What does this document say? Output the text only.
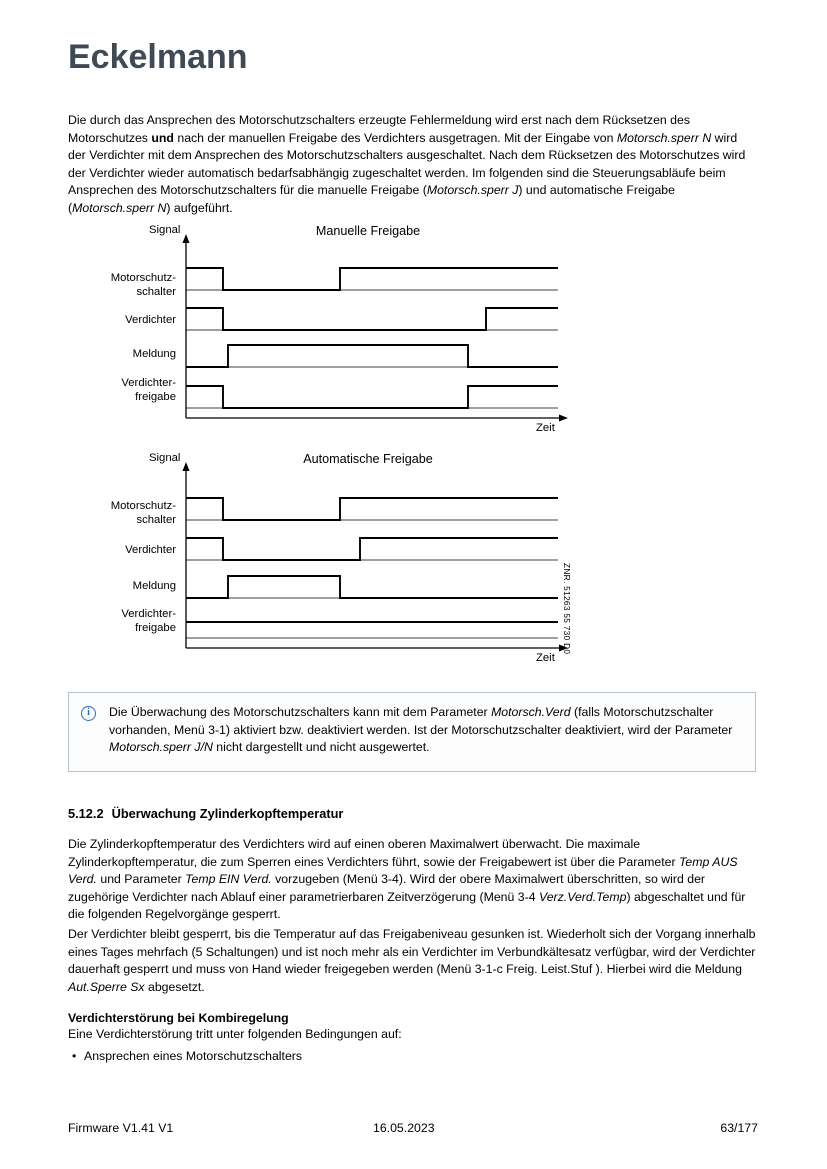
Eckelmann
Die durch das Ansprechen des Motorschutzschalters erzeugte Fehlermeldung wird erst nach dem Rücksetzen des Motorschutzes und nach der manuellen Freigabe des Verdichters ausgetragen. Mit der Eingabe von Motorsch.sperr N wird der Verdichter mit dem Ansprechen des Motorschutzschalters ausgeschaltet. Nach dem Rücksetzen des Motorschutzes wird der Verdichter wieder automatisch bedarfsabhängig zugeschaltet werden. Im folgenden sind die Steuerungsabläufe beim Ansprechen des Motorschutzschalters für die manuelle Freigabe (Motorsch.sperr J) und automatische Freigabe (Motorsch.sperr N) aufgeführt.
Signal	Manuelle Freigabe
Motorschutz-
schalter
Verdichter
Meldung
Verdichter-
freigabe
Zeit
Signal	Automatische Freigabe
Motorschutz-
schalter
Verdichter
Meldung
Verdichter-
freigabe
Zeit
ZNR. 51263 55 730 D0
i	Die Überwachung des Motorschutzschalters kann mit dem Parameter Motorsch.Verd (falls Motorschutzschalter vorhanden, Menü 3-1) aktiviert bzw. deaktiviert werden. Ist der Motorschutzschalter deaktiviert, wird der Parameter Motorsch.sperr J/N nicht dargestellt und nicht ausgewertet.
5.12.2 Überwachung Zylinderkopftemperatur
Die Zylinderkopftemperatur des Verdichters wird auf einen oberen Maximalwert überwacht. Die maximale Zylinderkopftemperatur, die zum Sperren eines Verdichters führt, sowie der Freigabewert ist über die Parameter Temp AUS Verd. und Parameter Temp EIN Verd. vorzugeben (Menü 3-4). Wird der obere Maximalwert überschritten, so wird der zugehörige Verdichter nach Ablauf einer parametrierbaren Zeitverzögerung (Menü 3-4 Verz.Verd.Temp) abgeschaltet und für die folgenden Regelvorgänge gesperrt.
Der Verdichter bleibt gesperrt, bis die Temperatur auf das Freigabeniveau gesunken ist. Wiederholt sich der Vorgang innerhalb eines Tages mehrfach (5 Schaltungen) und ist noch mehr als ein Verdichter im Verbundkältesatz verfügbar, wird der Verdichter dauerhaft gesperrt und muss von Hand wieder freigegeben werden (Menü 3-1-c Freig. Leist.Stuf ). Hierbei wird die Meldung Aut.Sperre Sx abgesetzt.
Verdichterstörung bei Kombiregelung
Eine Verdichterstörung tritt unter folgenden Bedingungen auf:
• Ansprechen eines Motorschutzschalters
Firmware V1.41 V1	16.05.2023	63/177
